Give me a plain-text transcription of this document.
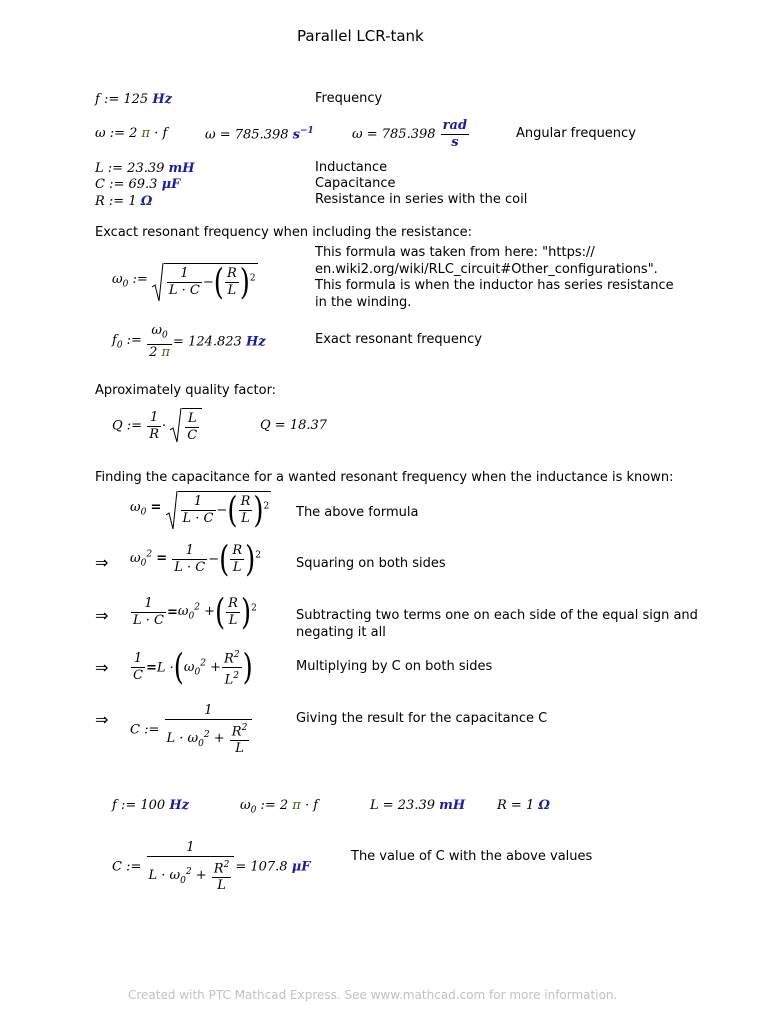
Parallel LCR-tank
f := 125 Hz	Frequency
ω := 2 π · f	ω = 785.398 $s^{-1}$	$\omega = 785.398 \frac{\text{rad}}{s}$	Angular frequency
L := 23.39 mH	Inductance
C := 69.3 μF	Capacitance
R := 1 Ω	Resistance in series with the coil
Excact resonant frequency when including the resistance:
$\omega_0$ := $\frac{1}{L \cdot C}$ −( $\frac{R}{L} )^2$
This formula was taken from here: "https://
en.wiki2.org/wiki/RLC_circuit#Other_configurations".
This formula is when the inductor has series resistance
in the winding.
$f_0$ := $\frac{\omega_0}{2 \pi} = 124.823$ Hz	Exact resonant frequency
Aproximately quality factor:
Q := $\frac{1}{R} \cdot \frac{L}{C}$	Q = 18.37
Finding the capacitance for a wanted resonant frequency when the inductance is known:
$\omega_0 = \frac{1}{L \cdot C}$ −( $\frac{R}{L} )^2$ The above formula
⇒ $\omega_0^2 = \frac{1}{L \cdot C}$ −( $\frac{R}{L} )^2$
Squaring on both sides
⇒ $\frac{1}{L \cdot C} =\omega_0^2$ +( $\frac{R}{L} )^2$	Subtracting two terms one on each side of the equal sign and
negating it all
⇒ $\frac{1}{C} =L \cdot(\omega_0^2 + \frac{R^2}{L^2}$ )	Multiplying by C on both sides
⇒
C := $\frac{1}{L \cdot \omega_0^2 + \frac{R^2}{L}}$	Giving the result for the capacitance C
f := 100 Hz	$\omega_0$ := 2 π · f	L = 23.39 mH R = 1 Ω
C := $\frac{1}{L \cdot \omega_0^2 + \frac{R^2}{L}} = 107.8$ μF
The value of C with the above values
Created with PTC Mathcad Express. See www.mathcad.com for more information.
